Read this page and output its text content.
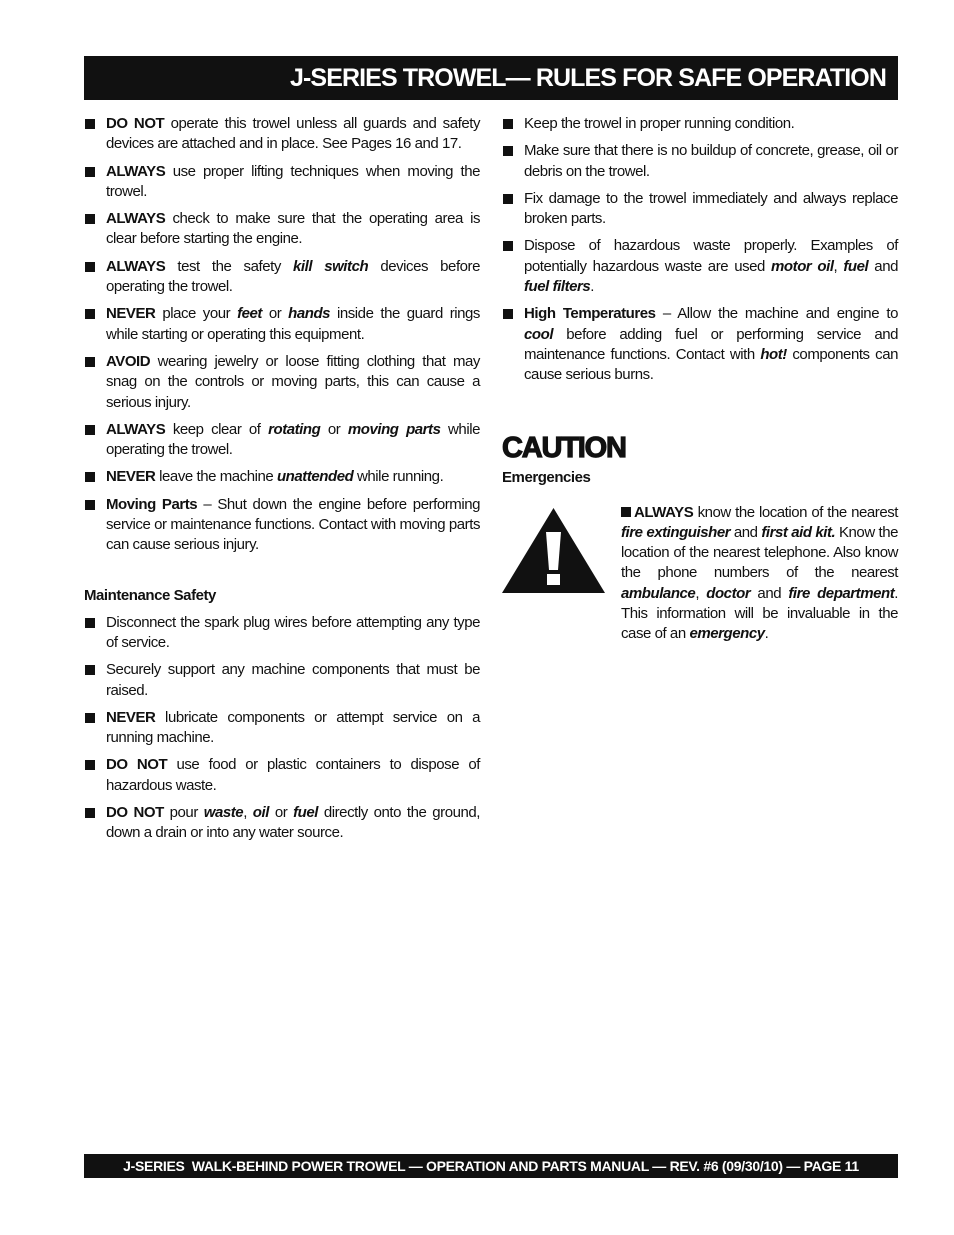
J-SERIES TROWEL— RULES FOR SAFE OPERATION
DO NOT operate this trowel unless all guards and safety devices are attached and in place. See Pages 16 and 17.
ALWAYS use proper lifting techniques when moving the trowel.
ALWAYS check to make sure that the operating area is clear before starting the engine.
ALWAYS test the safety kill switch devices before operating the trowel.
NEVER place your feet or hands inside the guard rings while starting or operating this equipment.
AVOID wearing jewelry or loose fitting clothing that may snag on the controls or moving parts, this can cause a serious injury.
ALWAYS keep clear of rotating or moving parts while operating the trowel.
NEVER leave the machine unattended while running.
Moving Parts – Shut down the engine before performing service or maintenance functions. Contact with moving parts can cause serious injury.
Maintenance Safety
Disconnect the spark plug wires before attempting any type of service.
Securely support any machine components that must be raised.
NEVER lubricate components or attempt service on a running machine.
DO NOT use food or plastic containers to dispose of hazardous waste.
DO NOT pour waste, oil or fuel directly onto the ground, down a drain or into any water source.
Keep the trowel in proper running condition.
Make sure that there is no buildup of concrete, grease, oil or debris on the trowel.
Fix damage to the trowel immediately and always replace broken parts.
Dispose of hazardous waste properly. Examples of potentially hazardous waste are used motor oil, fuel and fuel filters.
High Temperatures – Allow the machine and engine to cool before adding fuel or performing service and maintenance functions. Contact with hot! components can cause serious burns.
CAUTION
Emergencies
ALWAYS know the location of the nearest fire extinguisher and first aid kit. Know the location of the nearest telephone. Also know the phone numbers of the nearest ambulance, doctor and fire department. This information will be invaluable in the case of an emergency.
J-SERIES  WALK-BEHIND POWER TROWEL — OPERATION AND PARTS MANUAL — REV. #6 (09/30/10) — PAGE 11
